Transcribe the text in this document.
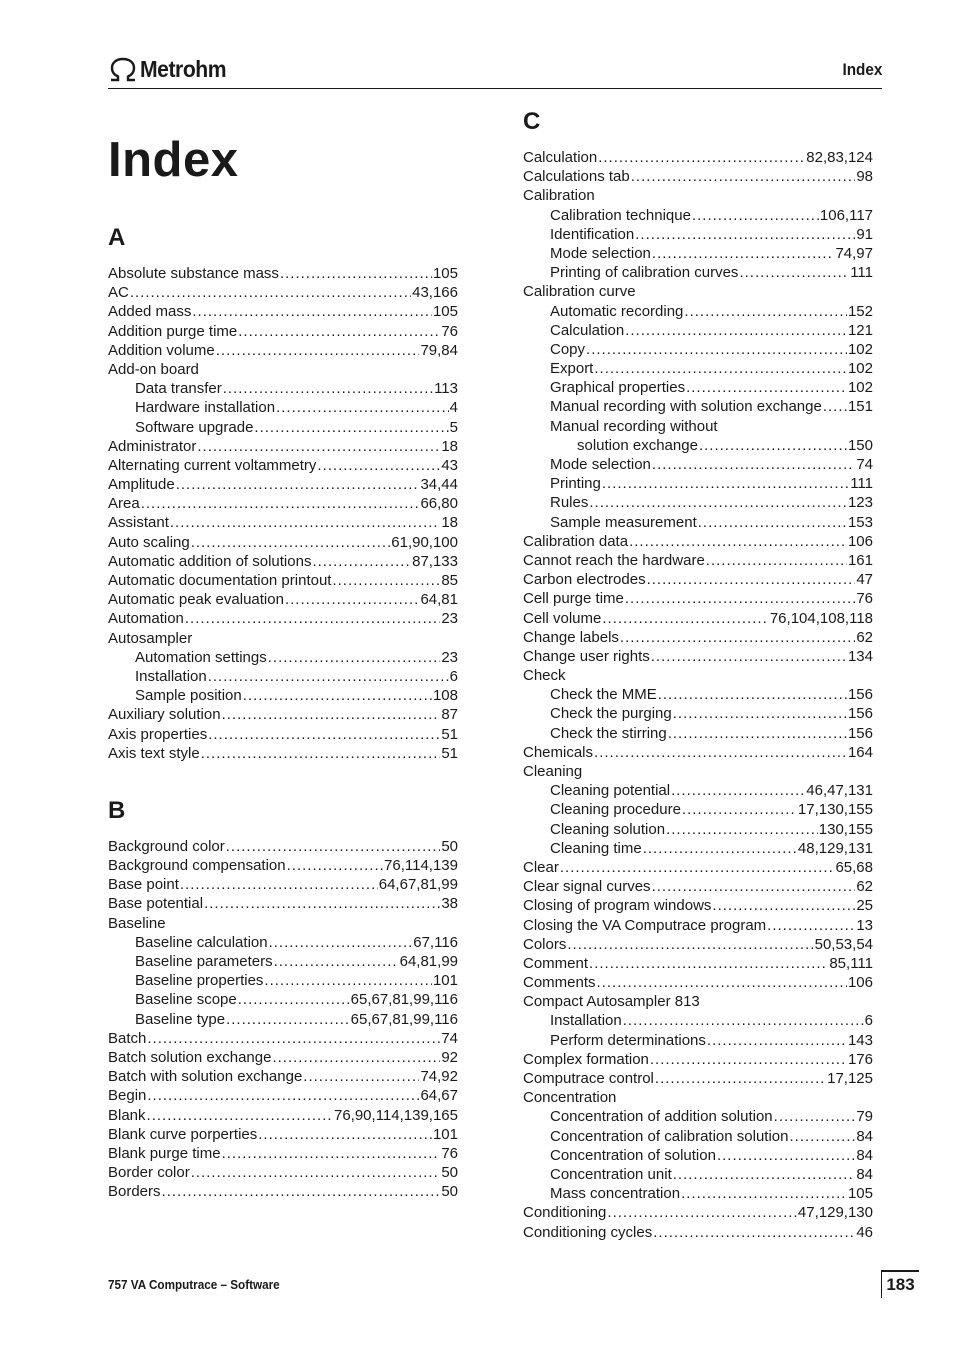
Metrohm	Index
Index
A
Absolute substance mass .....	105
AC .....	43,166
Added mass .....	105
Addition purge time .....	76
Addition volume .....	79,84
Add-on board
Data transfer .....	113
Hardware installation .....	4
Software upgrade .....	5
Administrator .....	18
Alternating current voltammetry .....	43
Amplitude .....	34,44
Area .....	66,80
Assistant .....	18
Auto scaling .....	61,90,100
Automatic addition of solutions .....	87,133
Automatic documentation printout .....	85
Automatic peak evaluation .....	64,81
Automation .....	23
Autosampler
Automation settings .....	23
Installation .....	6
Sample position .....	108
Auxiliary solution .....	87
Axis properties .....	51
Axis text style .....	51
B
Background color .....	50
Background compensation .....	76,114,139
Base point .....	64,67,81,99
Base potential .....	38
Baseline
Baseline calculation .....	67,116
Baseline parameters .....	64,81,99
Baseline properties .....	101
Baseline scope .....	65,67,81,99,116
Baseline type .....	65,67,81,99,116
Batch .....	74
Batch solution exchange .....	92
Batch with solution exchange .....	74,92
Begin .....	64,67
Blank .....	76,90,114,139,165
Blank curve porperties .....	101
Blank purge time .....	76
Border color .....	50
Borders .....	50
C
Calculation .....	82,83,124
Calculations tab .....	98
Calibration
Calibration technique .....	106,117
Identification .....	91
Mode selection .....	74,97
Printing of calibration curves .....	111
Calibration curve
Automatic recording .....	152
Calculation .....	121
Copy .....	102
Export .....	102
Graphical properties .....	102
Manual recording with solution exchange ..... 151
Manual recording without
solution exchange .....	150
Mode selection .....	74
Printing .....	111
Rules .....	123
Sample measurement .....	153
Calibration data .....	106
Cannot reach the hardware .....	161
Carbon electrodes .....	47
Cell purge time .....	76
Cell volume .....	76,104,108,118
Change labels .....	62
Change user rights .....	134
Check
Check the MME .....	156
Check the purging .....	156
Check the stirring .....	156
Chemicals .....	164
Cleaning
Cleaning potential .....	46,47,131
Cleaning procedure .....	17,130,155
Cleaning solution .....	130,155
Cleaning time .....	48,129,131
Clear .....	65,68
Clear signal curves .....	62
Closing of program windows .....	25
Closing the VA Computrace program .....	13
Colors .....	50,53,54
Comment .....	85,111
Comments .....	106
Compact Autosampler 813
Installation .....	6
Perform determinations .....	143
Complex formation .....	176
Computrace control .....	17,125
Concentration
Concentration of addition solution .....	79
Concentration of calibration solution .....	84
Concentration of solution .....	84
Concentration unit .....	84
Mass concentration .....	105
Conditioning .....	47,129,130
Conditioning cycles .....	46
757 VA Computrace – Software	183
